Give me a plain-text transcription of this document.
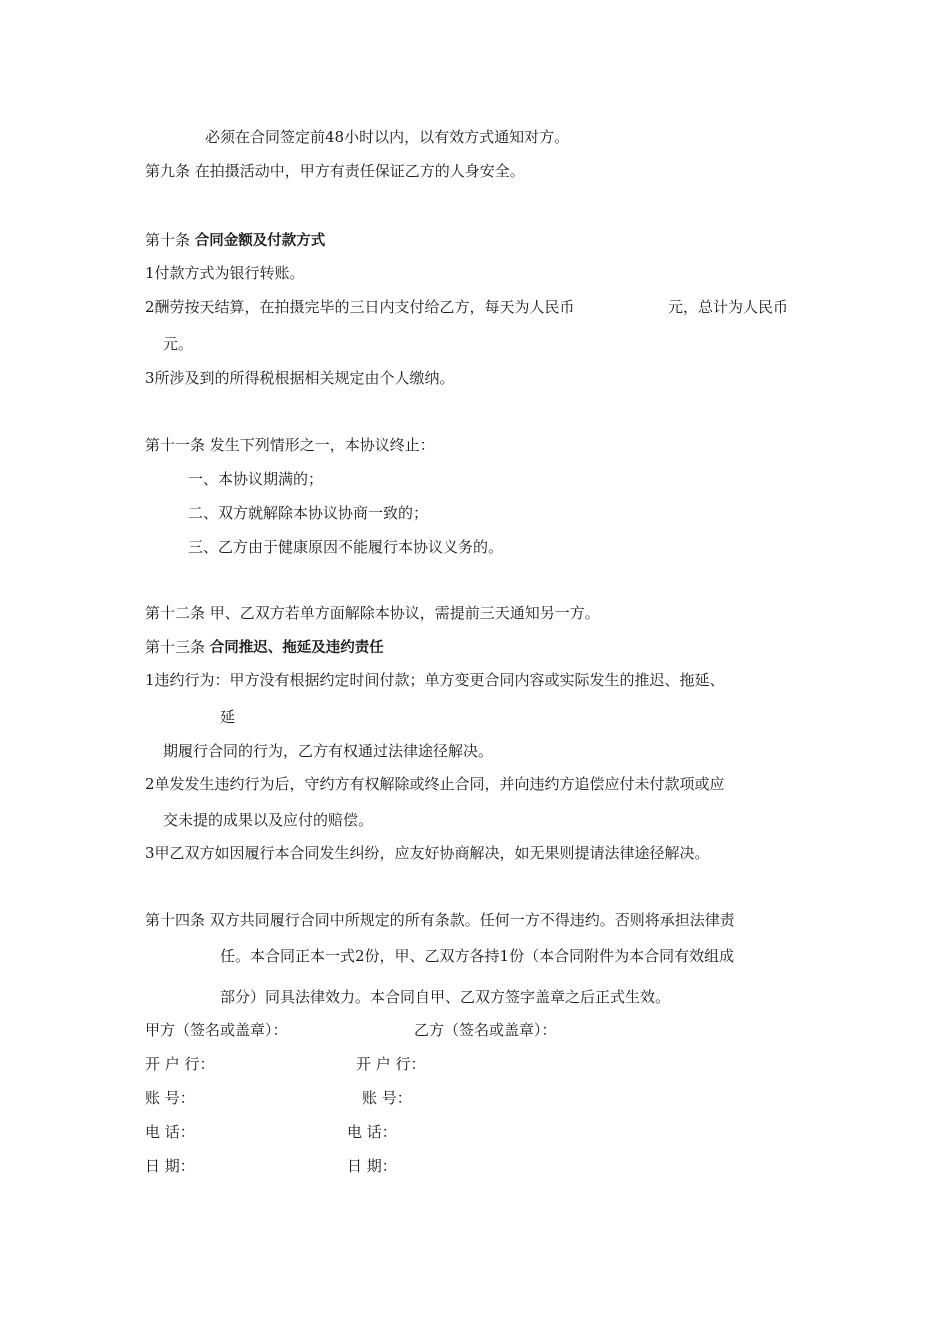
必须在合同签定前48小时以内，以有效方式通知对方。
第九条 在拍摄活动中，甲方有责任保证乙方的人身安全。
第十条 合同金额及付款方式
1付款方式为银行转账。
2酬劳按天结算，在拍摄完毕的三日内支付给乙方，每天为人民币	元，总计为人民币
元。
3所涉及到的所得税根据相关规定由个人缴纳。
第十一条 发生下列情形之一，本协议终止：
一、本协议期满的；
二、双方就解除本协议协商一致的；
三、乙方由于健康原因不能履行本协议义务的。
第十二条 甲、乙双方若单方面解除本协议，需提前三天通知另一方。
第十三条 合同推迟、拖延及违约责任
1违约行为：甲方没有根据约定时间付款；单方变更合同内容或实际发生的推迟、拖延、
延
期履行合同的行为，乙方有权通过法律途径解决。
2单发发生违约行为后，守约方有权解除或终止合同，并向违约方追偿应付未付款项或应
交未提的成果以及应付的赔偿。
3甲乙双方如因履行本合同发生纠纷，应友好协商解决，如无果则提请法律途径解决。
第十四条 双方共同履行合同中所规定的所有条款。任何一方不得违约。否则将承担法律责
任。本合同正本一式2份，甲、乙双方各持1份（本合同附件为本合同有效组成
部分）同具法律效力。本合同自甲、乙双方签字盖章之后正式生效。
甲方（签名或盖章）：	乙方（签名或盖章）：
开 户 行：	开 户 行：
账 号：	账 号：
电 话：	电 话：
日 期：	日 期：
